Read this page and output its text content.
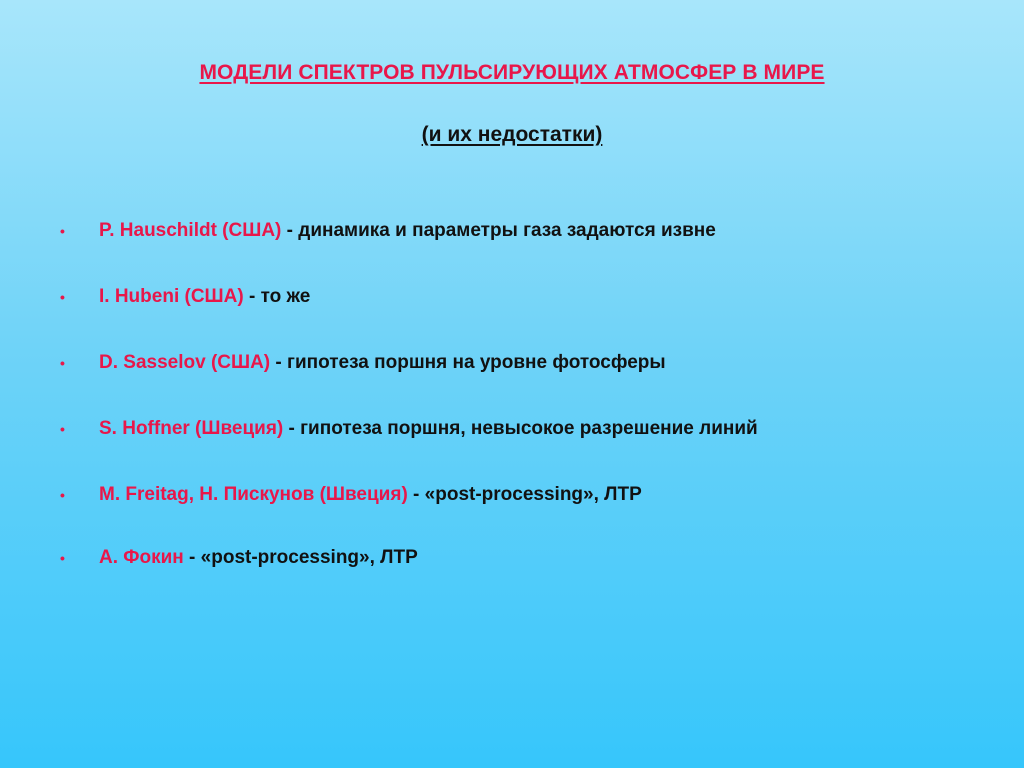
МОДЕЛИ СПЕКТРОВ ПУЛЬСИРУЮЩИХ АТМОСФЕР В МИРЕ
(и их недостатки)
• P. Hauschildt (США) - динамика и параметры газа задаются извне
• I. Hubeni (США) - то же
• D. Sasselov (США) - гипотеза поршня на уровне фотосферы
• S. Hoffner (Швеция) - гипотеза поршня, невысокое разрешение линий
• M. Freitag, Н. Пискунов (Швеция) - «post-processing», ЛТР
• А. Фокин - «post-processing», ЛТР
